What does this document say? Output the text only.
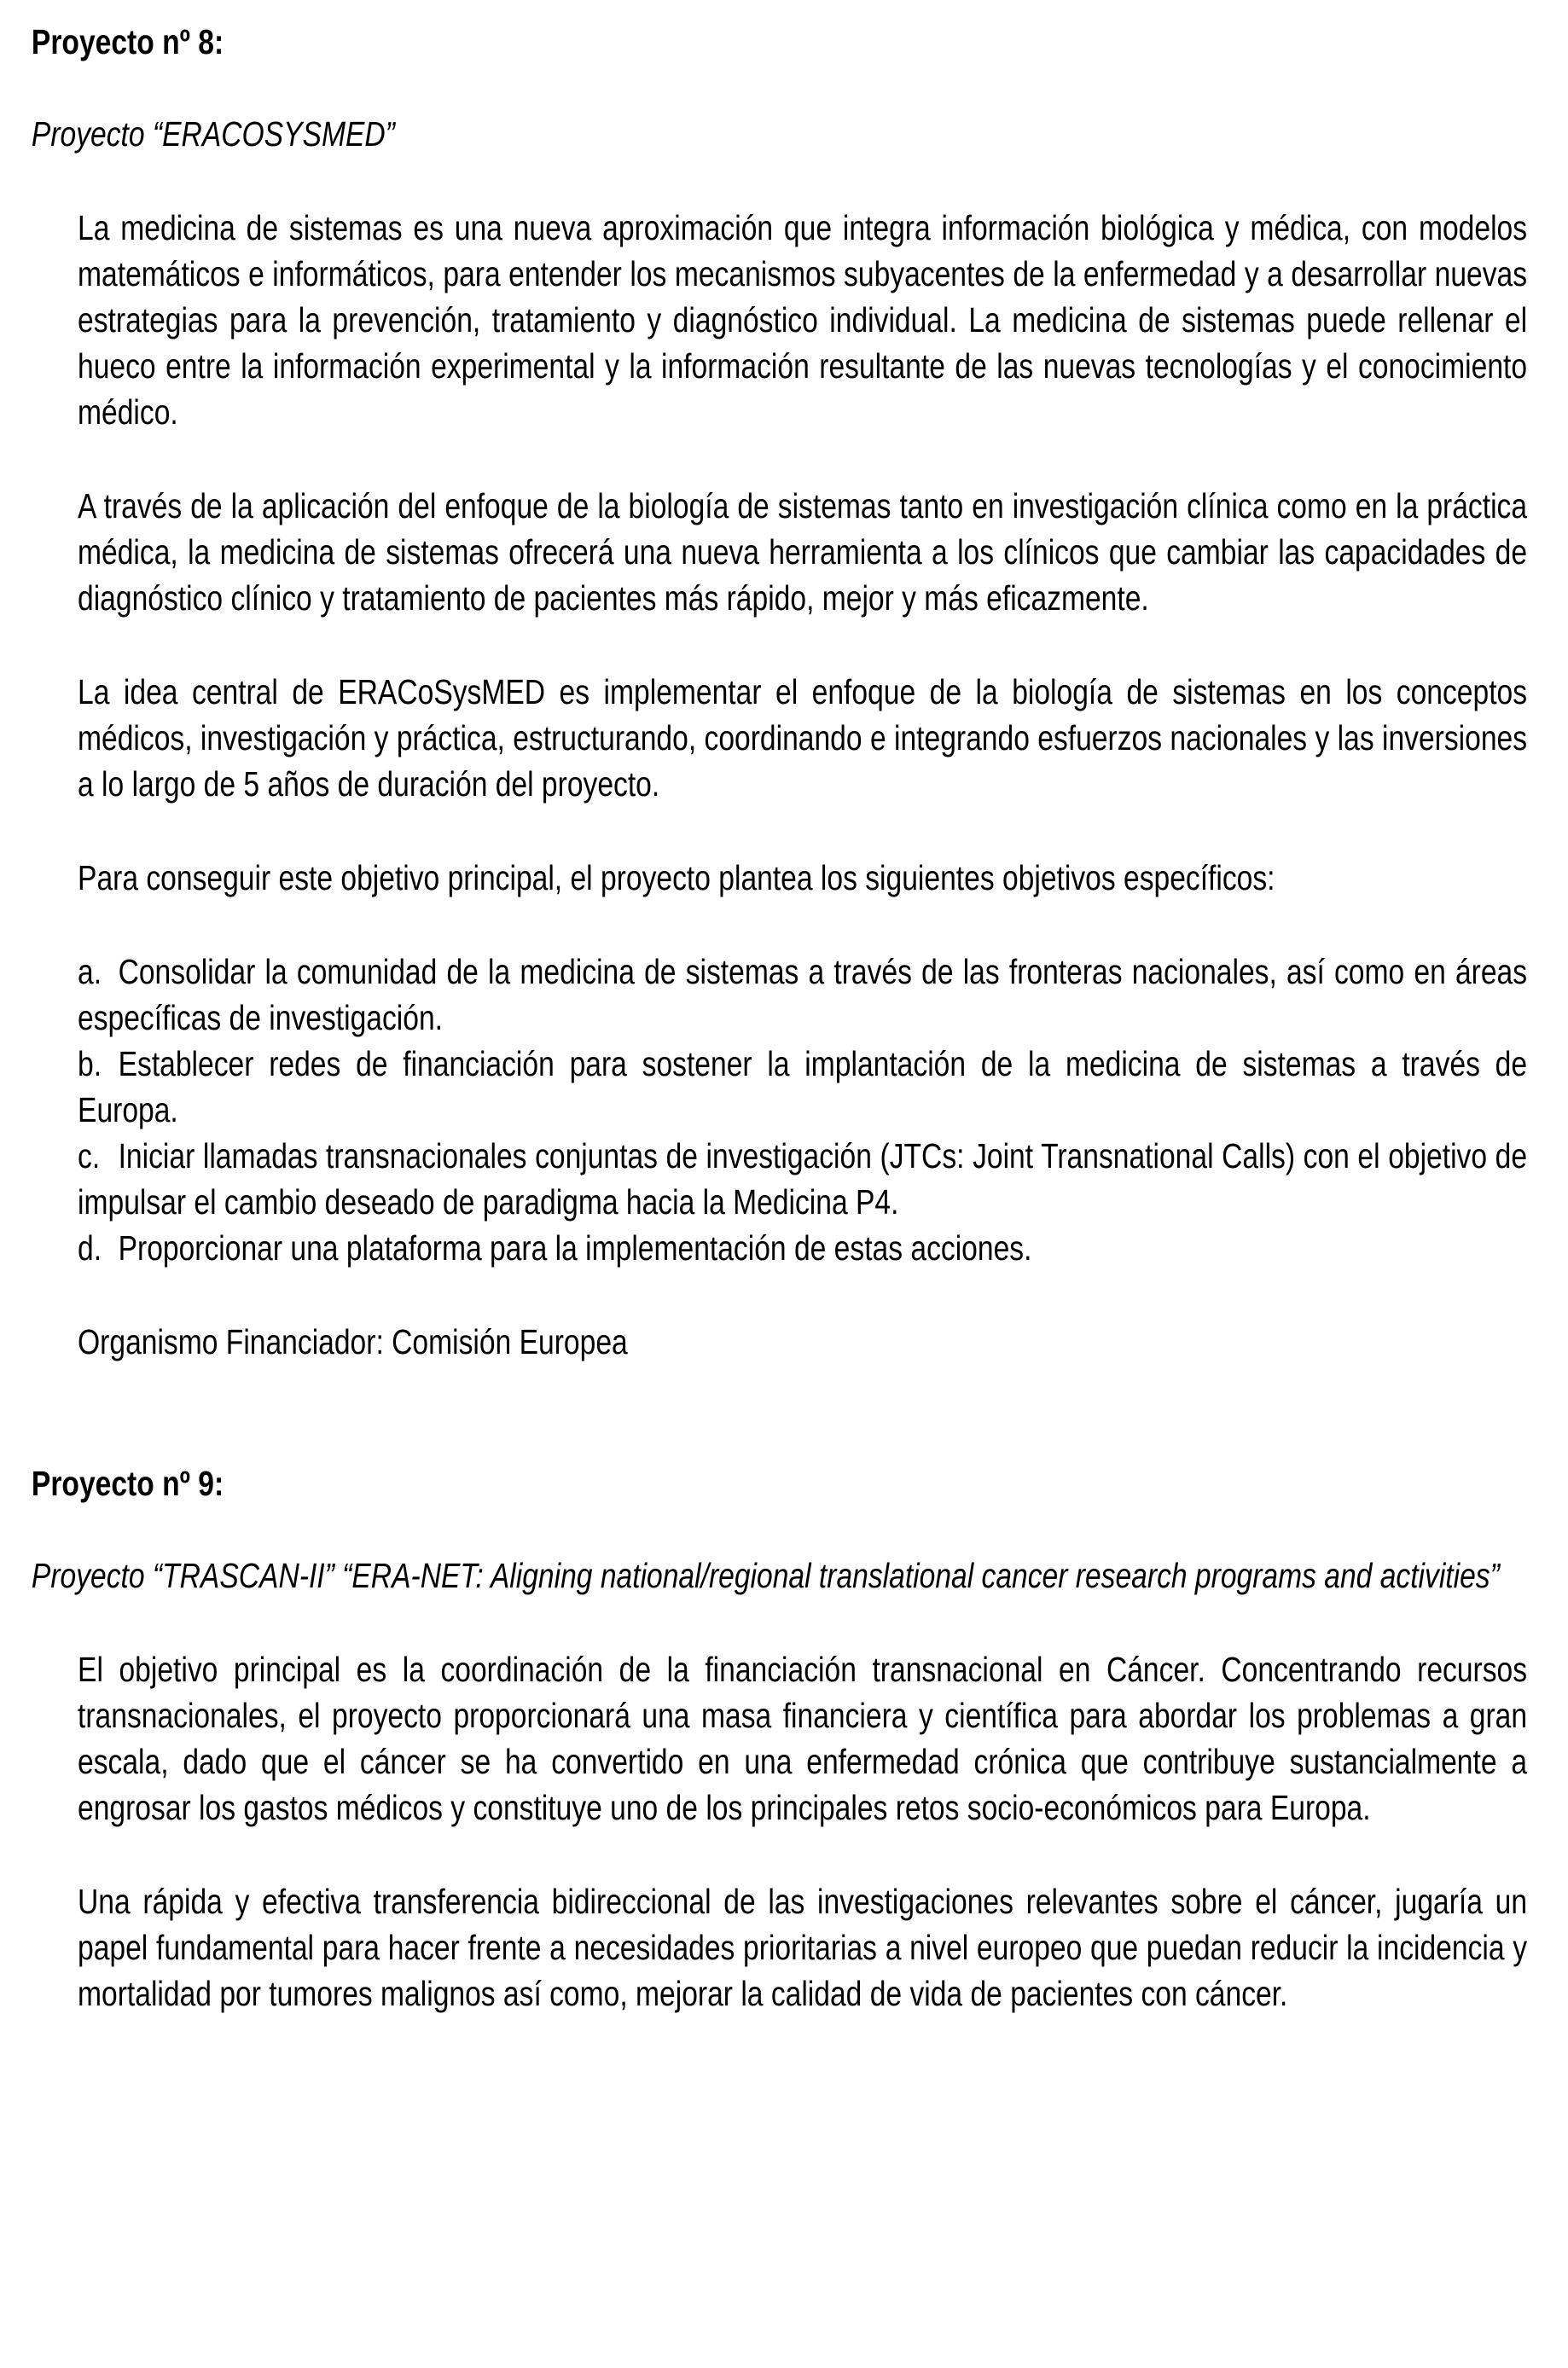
Proyecto nº 8:

Proyecto “ERACOSYSMED”

La medicina de sistemas es una nueva aproximación que integra información biológica y médica, con modelos matemáticos e informáticos, para entender los mecanismos subyacentes de la enfermedad y a desarrollar nuevas estrategias para la prevención, tratamiento y diagnóstico individual. La medicina de sistemas puede rellenar el hueco entre la información experimental y la información resultante de las nuevas tecnologías y el conocimiento médico.

A través de la aplicación del enfoque de la biología de sistemas tanto en investigación clínica como en la práctica médica, la medicina de sistemas ofrecerá una nueva herramienta a los clínicos que cambiar las capacidades de diagnóstico clínico y tratamiento de pacientes más rápido, mejor y más eficazmente.

La idea central de ERACoSysMED es implementar el enfoque de la biología de sistemas en los conceptos médicos, investigación y práctica, estructurando, coordinando e integrando esfuerzos nacionales y las inversiones a lo largo de 5 años de duración del proyecto.

Para conseguir este objetivo principal, el proyecto plantea los siguientes objetivos específicos:

a. Consolidar la comunidad de la medicina de sistemas a través de las fronteras nacionales, así como en áreas específicas de investigación.

b. Establecer redes de financiación para sostener la implantación de la medicina de sistemas a través de Europa.

c. Iniciar llamadas transnacionales conjuntas de investigación (JTCs: Joint Transnational Calls) con el objetivo de impulsar el cambio deseado de paradigma hacia la Medicina P4.

d. Proporcionar una plataforma para la implementación de estas acciones.

Organismo Financiador: Comisión Europea

Proyecto nº 9:

Proyecto “TRASCAN-II” “ERA-NET: Aligning national/regional translational cancer research programs and activities”

El objetivo principal es la coordinación de la financiación transnacional en Cáncer. Concentrando recursos transnacionales, el proyecto proporcionará una masa financiera y científica para abordar los problemas a gran escala, dado que el cáncer se ha convertido en una enfermedad crónica que contribuye sustancialmente a engrosar los gastos médicos y constituye uno de los principales retos socio-económicos para Europa.

Una rápida y efectiva transferencia bidireccional de las investigaciones relevantes sobre el cáncer, jugaría un papel fundamental para hacer frente a necesidades prioritarias a nivel europeo que puedan reducir la incidencia y mortalidad por tumores malignos así como, mejorar la calidad de vida de pacientes con cáncer.
